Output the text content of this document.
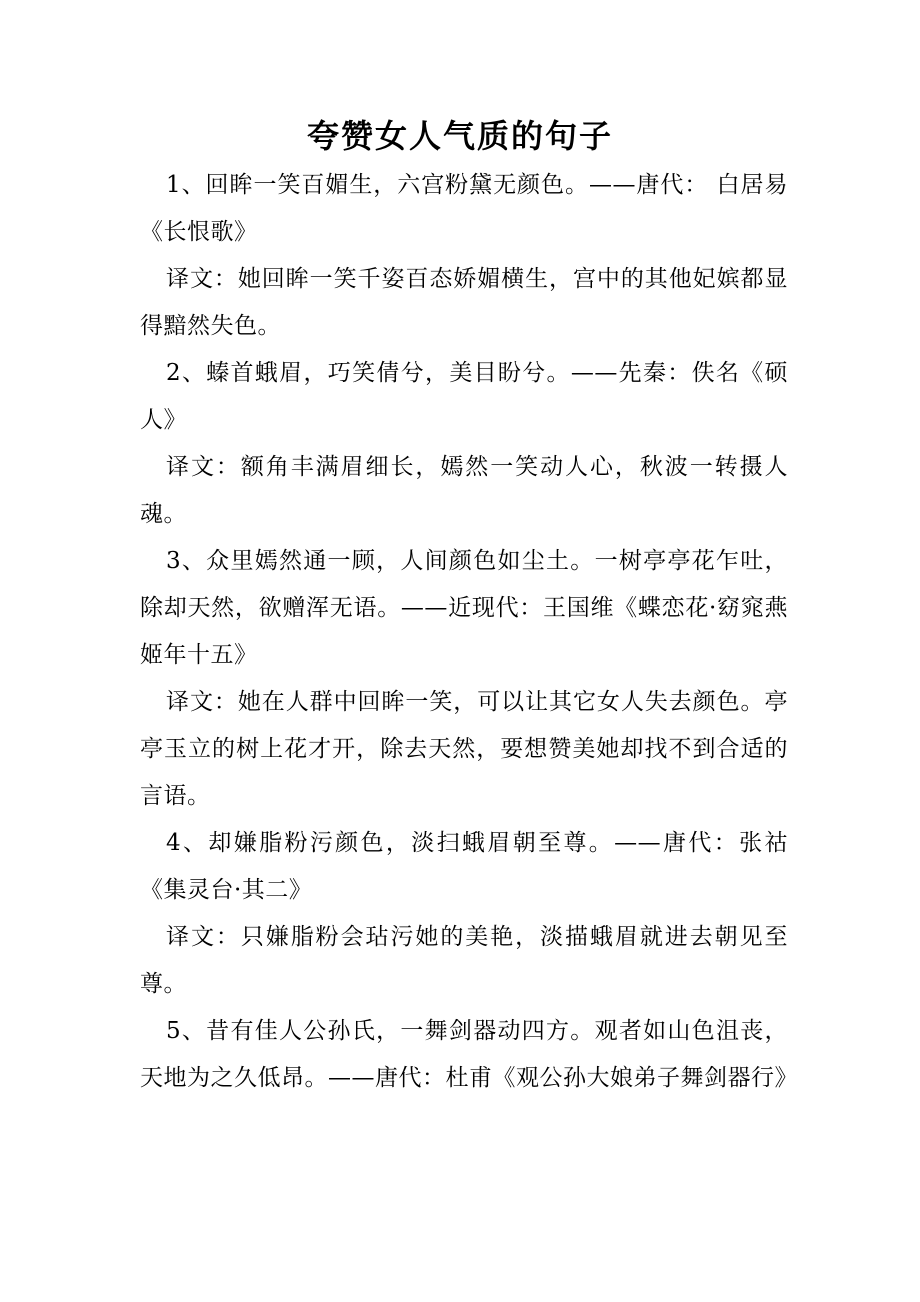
夸赞女人气质的句子

1、回眸一笑百媚生，六宫粉黛无颜色。——唐代： 白居易《长恨歌》

译文：她回眸一笑千姿百态娇媚横生，宫中的其他妃嫔都显得黯然失色。

2、螓首蛾眉，巧笑倩兮，美目盼兮。——先秦：佚名《硕人》

译文：额角丰满眉细长，嫣然一笑动人心，秋波一转摄人魂。

3、众里嫣然通一顾，人间颜色如尘土。一树亭亭花乍吐，除却天然，欲赠浑无语。——近现代：王国维《蝶恋花·窈窕燕姬年十五》

译文：她在人群中回眸一笑，可以让其它女人失去颜色。亭亭玉立的树上花才开，除去天然，要想赞美她却找不到合适的言语。

4、却嫌脂粉污颜色，淡扫蛾眉朝至尊。——唐代：张祜《集灵台·其二》

译文：只嫌脂粉会玷污她的美艳，淡描蛾眉就进去朝见至尊。

5、昔有佳人公孙氏，一舞剑器动四方。观者如山色沮丧，天地为之久低昂。——唐代：杜甫《观公孙大娘弟子舞剑器行》
